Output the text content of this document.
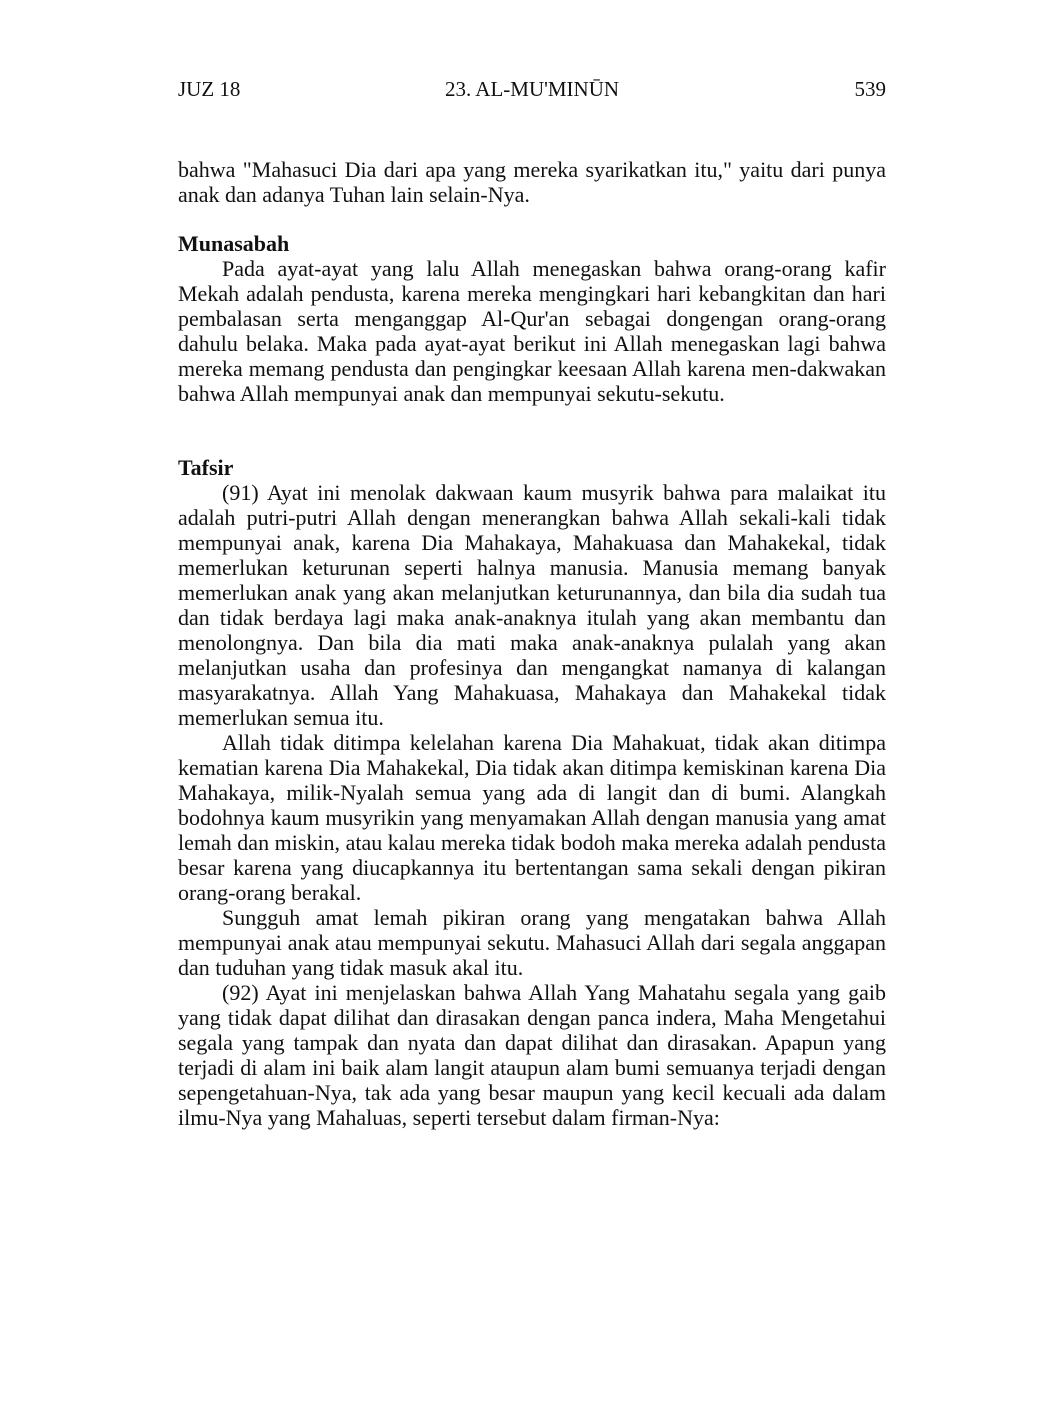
JUZ 18	23. AL-MU'MINŪN	539

bahwa "Mahasuci Dia dari apa yang mereka syarikatkan itu," yaitu dari punya anak dan adanya Tuhan lain selain-Nya.

Munasabah

Pada ayat-ayat yang lalu Allah menegaskan bahwa orang-orang kafir Mekah adalah pendusta, karena mereka mengingkari hari kebangkitan dan hari pembalasan serta menganggap Al-Qur'an sebagai dongengan orang-orang dahulu belaka. Maka pada ayat-ayat berikut ini Allah menegaskan lagi bahwa mereka memang pendusta dan pengingkar keesaan Allah karena men-dakwakan bahwa Allah mempunyai anak dan mempunyai sekutu-sekutu.

Tafsir

(91) Ayat ini menolak dakwaan kaum musyrik bahwa para malaikat itu adalah putri-putri Allah dengan menerangkan bahwa Allah sekali-kali tidak mempunyai anak, karena Dia Mahakaya, Mahakuasa dan Mahakekal, tidak memerlukan keturunan seperti halnya manusia. Manusia memang banyak memerlukan anak yang akan melanjutkan keturunannya, dan bila dia sudah tua dan tidak berdaya lagi maka anak-anaknya itulah yang akan membantu dan menolongnya. Dan bila dia mati maka anak-anaknya pulalah yang akan melanjutkan usaha dan profesinya dan mengangkat namanya di kalangan masyarakatnya. Allah Yang Mahakuasa, Mahakaya dan Mahakekal tidak memerlukan semua itu.

Allah tidak ditimpa kelelahan karena Dia Mahakuat, tidak akan ditimpa kematian karena Dia Mahakekal, Dia tidak akan ditimpa kemiskinan karena Dia Mahakaya, milik-Nyalah semua yang ada di langit dan di bumi. Alangkah bodohnya kaum musyrikin yang menyamakan Allah dengan manusia yang amat lemah dan miskin, atau kalau mereka tidak bodoh maka mereka adalah pendusta besar karena yang diucapkannya itu bertentangan sama sekali dengan pikiran orang-orang berakal.

Sungguh amat lemah pikiran orang yang mengatakan bahwa Allah mempunyai anak atau mempunyai sekutu. Mahasuci Allah dari segala anggapan dan tuduhan yang tidak masuk akal itu.

(92) Ayat ini menjelaskan bahwa Allah Yang Mahatahu segala yang gaib yang tidak dapat dilihat dan dirasakan dengan panca indera, Maha Mengetahui segala yang tampak dan nyata dan dapat dilihat dan dirasakan. Apapun yang terjadi di alam ini baik alam langit ataupun alam bumi semuanya terjadi dengan sepengetahuan-Nya, tak ada yang besar maupun yang kecil kecuali ada dalam ilmu-Nya yang Mahaluas, seperti tersebut dalam firman-Nya:
